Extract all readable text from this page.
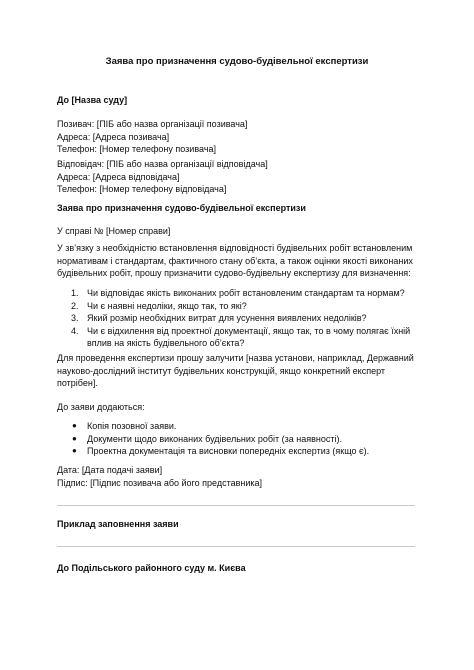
Заява про призначення судово-будівельної експертизи
До [Назва суду]
Позивач: [ПІБ або назва організації позивача]
Адреса: [Адреса позивача]
Телефон: [Номер телефону позивача]
Відповідач: [ПІБ або назва організації відповідача]
Адреса: [Адреса відповідача]
Телефон: [Номер телефону відповідача]
Заява про призначення судово-будівельної експертизи
У справі № [Номер справи]
У зв’язку з необхідністю встановлення відповідності будівельних робіт встановленим нормативам і стандартам, фактичного стану об’єкта, а також оцінки якості виконаних будівельних робіт, прошу призначити судово-будівельну експертизу для визначення:
1. Чи відповідає якість виконаних робіт встановленим стандартам та нормам?
2. Чи є наявні недоліки, якщо так, то які?
3. Який розмір необхідних витрат для усунення виявлених недоліків?
4. Чи є відхилення від проектної документації, якщо так, то в чому полягає їхній вплив на якість будівельного об’єкта?
Для проведення експертизи прошу залучити [назва установи, наприклад, Державний науково-дослідний інститут будівельних конструкцій, якщо конкретний експерт потрібен].
До заяви додаються:
● Копія позовної заяви.
● Документи щодо виконаних будівельних робіт (за наявності).
● Проектна документація та висновки попередніх експертиз (якщо є).
Дата: [Дата подачі заяви]
Підпис: [Підпис позивача або його представника]
Приклад заповнення заяви
До Подільського районного суду м. Києва
